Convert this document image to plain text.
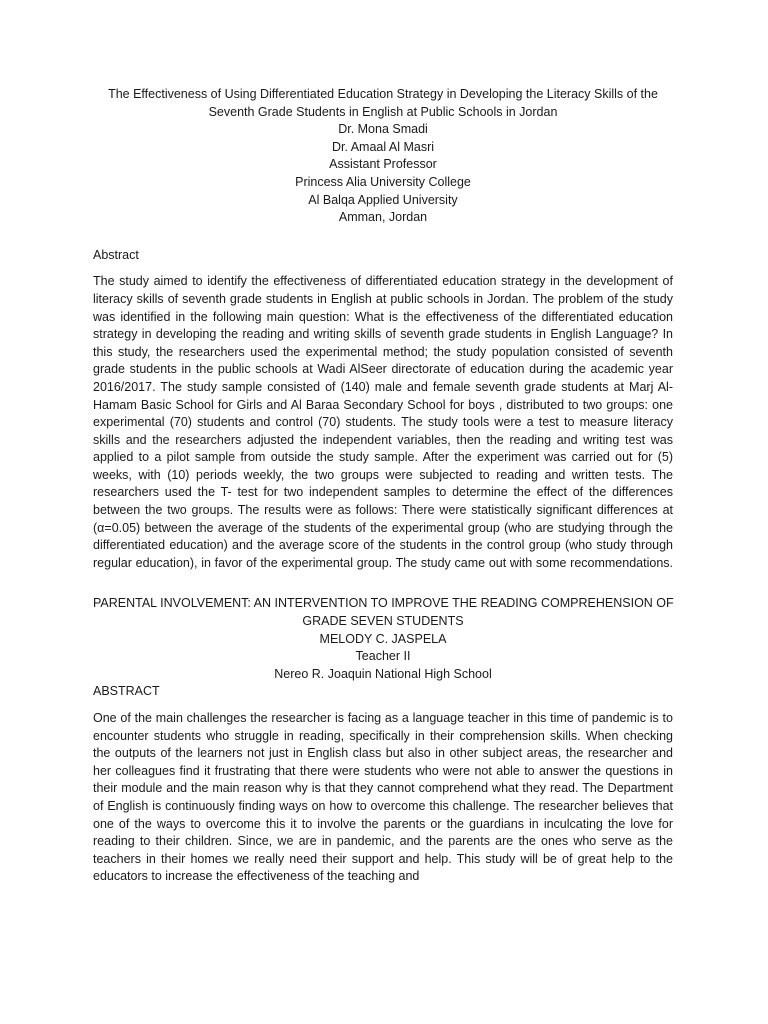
The Effectiveness of Using Differentiated Education Strategy in Developing the Literacy Skills of the
Seventh Grade Students in English at Public Schools in Jordan
Dr. Mona Smadi
Dr. Amaal Al Masri
Assistant Professor
Princess Alia University College
Al Balqa Applied University
Amman, Jordan
Abstract
The study aimed to identify the effectiveness of differentiated education strategy in the development of literacy skills of seventh grade students in English at public schools in Jordan. The problem of the study was identified in the following main question: What is the effectiveness of the differentiated education strategy in developing the reading and writing skills of seventh grade students in English Language? In this study, the researchers used the experimental method; the study population consisted of seventh grade students in the public schools at Wadi AlSeer directorate of education during the academic year 2016/2017. The study sample consisted of (140) male and female seventh grade students at Marj Al-Hamam Basic School for Girls and Al Baraa Secondary School for boys , distributed to two groups: one experimental (70) students and control (70) students. The study tools were a test to measure literacy skills and the researchers adjusted the independent variables, then the reading and writing test was applied to a pilot sample from outside the study sample. After the experiment was carried out for (5) weeks, with (10) periods weekly, the two groups were subjected to reading and written tests. The researchers used the T- test for two independent samples to determine the effect of the differences between the two groups. The results were as follows: There were statistically significant differences at (α=0.05) between the average of the students of the experimental group (who are studying through the differentiated education) and the average score of the students in the control group (who study through regular education), in favor of the experimental group. The study came out with some recommendations.
PARENTAL INVOLVEMENT: AN INTERVENTION TO IMPROVE THE READING COMPREHENSION OF
GRADE SEVEN STUDENTS
MELODY C. JASPELA
Teacher II
Nereo R. Joaquin National High School
ABSTRACT
One of the main challenges the researcher is facing as a language teacher in this time of pandemic is to encounter students who struggle in reading, specifically in their comprehension skills. When checking the outputs of the learners not just in English class but also in other subject areas, the researcher and her colleagues find it frustrating that there were students who were not able to answer the questions in their module and the main reason why is that they cannot comprehend what they read. The Department of English is continuously finding ways on how to overcome this challenge. The researcher believes that one of the ways to overcome this it to involve the parents or the guardians in inculcating the love for reading to their children. Since, we are in pandemic, and the parents are the ones who serve as the teachers in their homes we really need their support and help. This study will be of great help to the educators to increase the effectiveness of the teaching and
